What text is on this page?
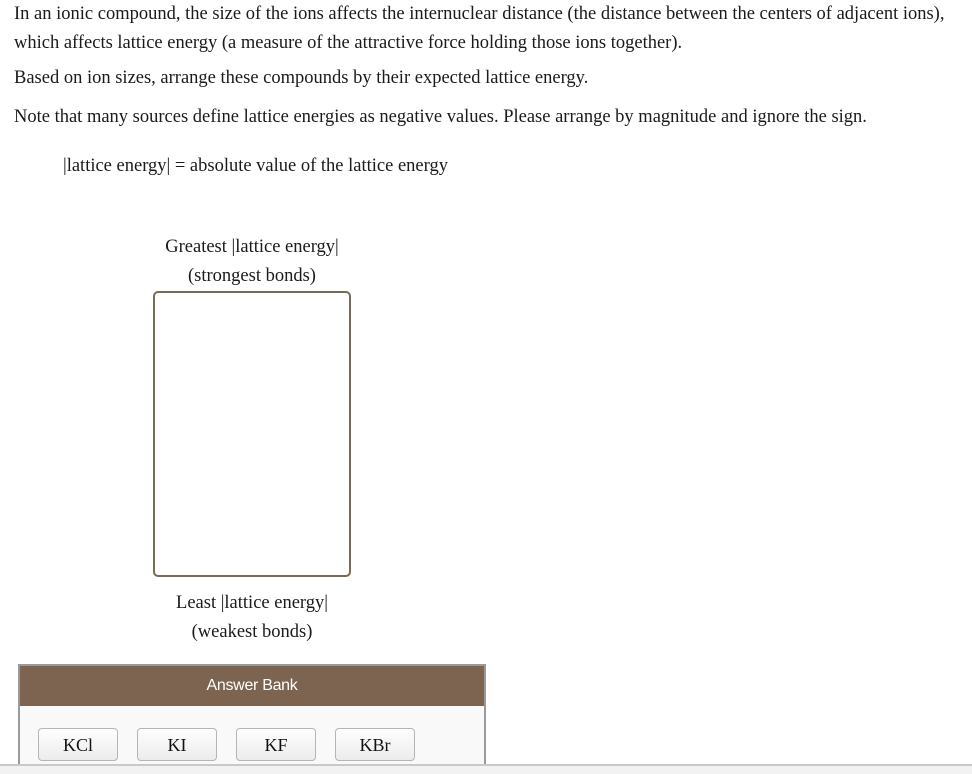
In an ionic compound, the size of the ions affects the internuclear distance (the distance between the centers of adjacent ions), which affects lattice energy (a measure of the attractive force holding those ions together).

Based on ion sizes, arrange these compounds by their expected lattice energy.

Note that many sources define lattice energies as negative values. Please arrange by magnitude and ignore the sign.

|lattice energy| = absolute value of the lattice energy

Greatest |lattice energy|
(strongest bonds)
Least |lattice energy|
(weakest bonds)
Answer Bank
KCl	KI	KF	KBr
